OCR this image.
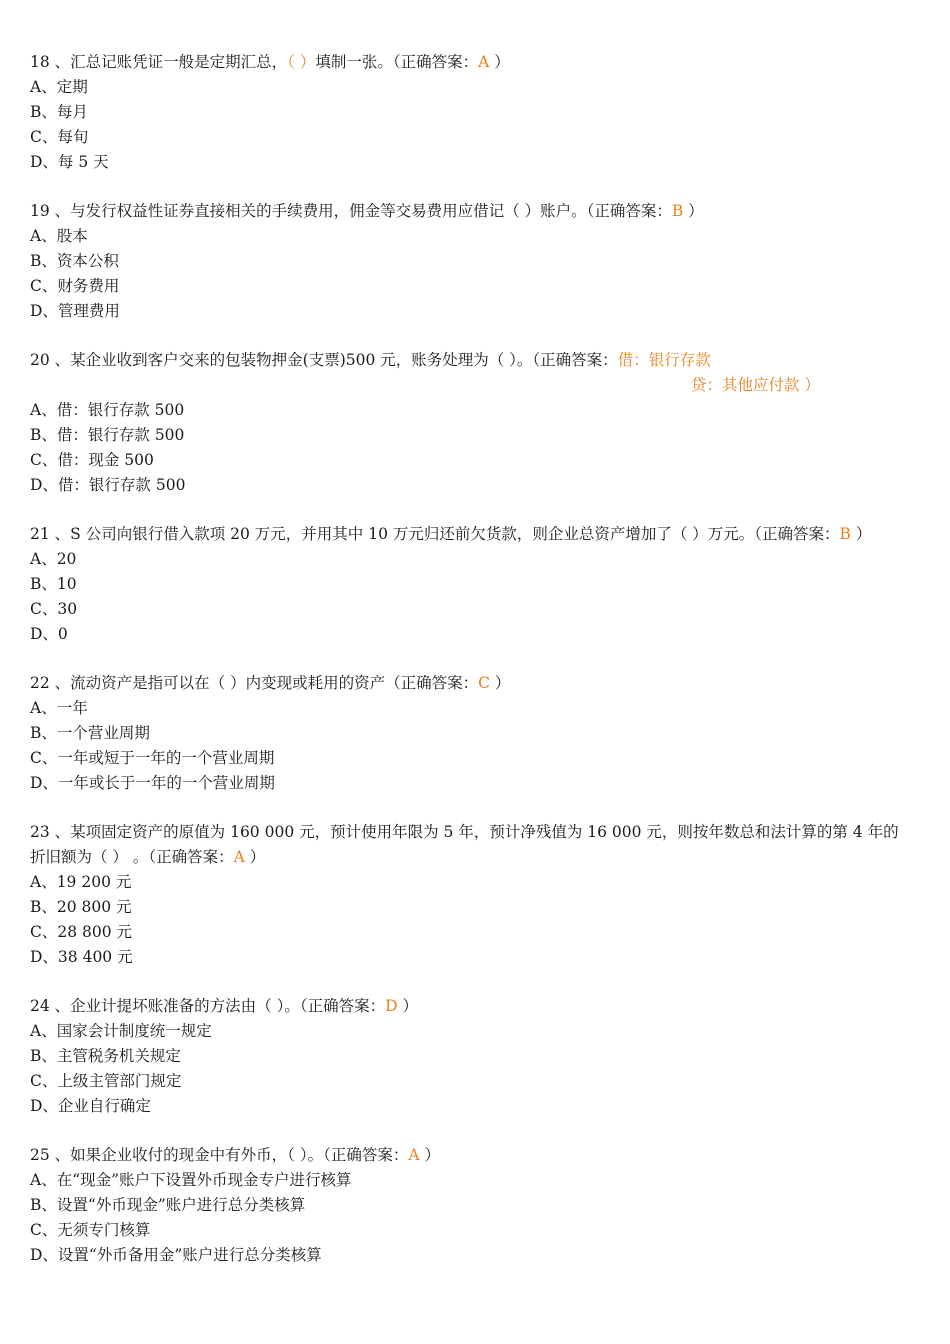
18 、汇总记账凭证一般是定期汇总，（ ）填制一张。（正确答案：A ）
A、定期
B、每月
C、每旬
D、每 5 天
19 、与发行权益性证券直接相关的手续费用，佣金等交易费用应借记（ ）账户。（正确答案：B ）
A、股本
B、资本公积
C、财务费用
D、管理费用
20 、某企业收到客户交来的包装物押金(支票)500 元，账务处理为（ ）。（正确答案：借：银行存款
贷：其他应付款 ）
A、借：银行存款 500
B、借：银行存款 500
C、借：现金 500
D、借：银行存款 500
21 、S 公司向银行借入款项 20 万元，并用其中 10 万元归还前欠货款，则企业总资产增加了（ ）万元。（正确答案：B ）
A、20
B、10
C、30
D、0
22 、流动资产是指可以在（ ）内变现或耗用的资产（正确答案：C ）
A、一年
B、一个营业周期
C、一年或短于一年的一个营业周期
D、一年或长于一年的一个营业周期
23 、某项固定资产的原值为 160 000 元，预计使用年限为 5 年，预计净残值为 16 000 元，则按年数总和法计算的第 4 年的折旧额为（ ） 。（正确答案：A ）
A、19 200 元
B、20 800 元
C、28 800 元
D、38 400 元
24 、企业计提坏账准备的方法由（ ）。（正确答案：D ）
A、国家会计制度统一规定
B、主管税务机关规定
C、上级主管部门规定
D、企业自行确定
25 、如果企业收付的现金中有外币，（ ）。（正确答案：A ）
A、在“现金”账户下设置外币现金专户进行核算
B、设置“外币现金”账户进行总分类核算
C、无须专门核算
D、设置“外币备用金”账户进行总分类核算
